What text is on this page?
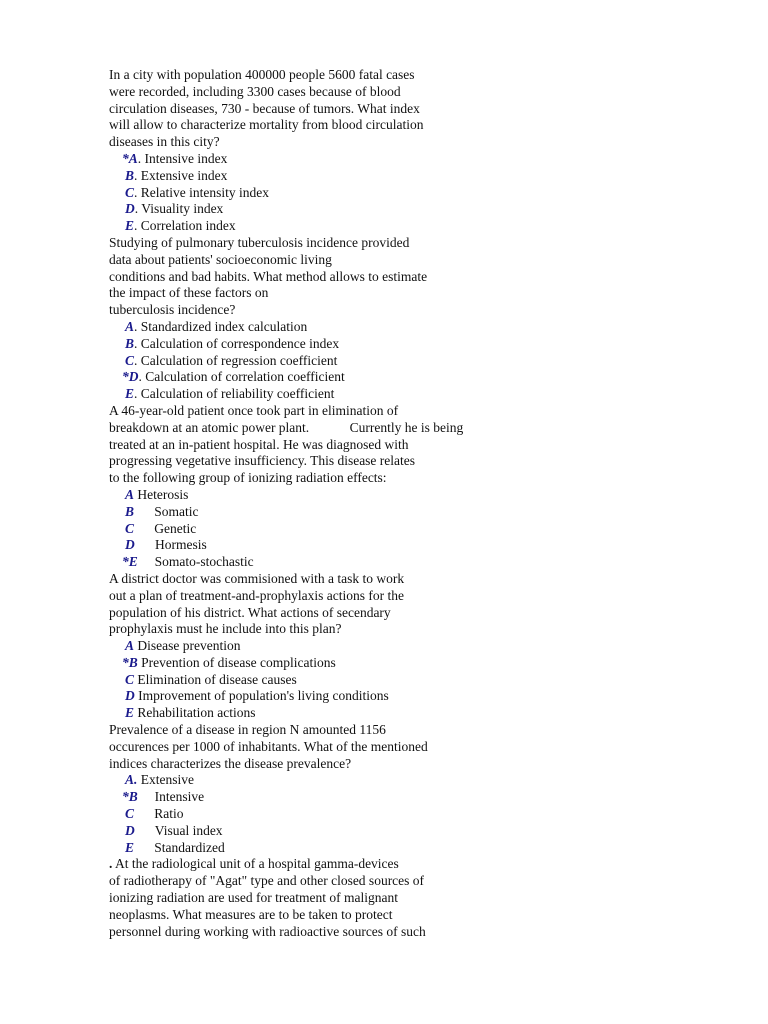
In a city with population 400000 people 5600 fatal cases
were recorded, including 3300 cases because of blood
circulation diseases, 730 - because of tumors. What index
will allow to characterize mortality from blood circulation
diseases in this city?
*A. Intensive index
B. Extensive index
C. Relative intensity index
D. Visuality index
E. Correlation index
Studying of pulmonary tuberculosis incidence provided
data about patients' socioeconomic living
conditions and bad habits. What method allows to estimate
the impact of these factors on
tuberculosis incidence?
A. Standardized index calculation
B. Calculation of correspondence index
C. Calculation of regression coefficient
*D. Calculation of correlation coefficient
E. Calculation of reliability coefficient
A 46-year-old patient once took part in elimination of
breakdown at an atomic power plant.            Currently he is being
treated at an in-patient hospital. He was diagnosed with
progressing vegetative insufficiency. This disease relates
to the following group of ionizing radiation effects:
A Heterosis
B      Somatic
C      Genetic
D      Hormesis
*E     Somato-stochastic
A district doctor was commisioned with a task to work
out a plan of treatment-and-prophylaxis actions for the
population of his district. What actions of secendary
prophylaxis must he include into this plan?
A Disease prevention
*B Prevention of disease complications
C Elimination of disease causes
D Improvement of population's living conditions
E Rehabilitation actions
Prevalence of a disease in region N amounted 1156
occurences per 1000 of inhabitants. What of the mentioned
indices characterizes the disease prevalence?
A. Extensive
*B     Intensive
C      Ratio
D      Visual index
E      Standardized
. At the radiological unit of a hospital gamma-devices
of radiotherapy of "Agat" type and other closed sources of
ionizing radiation are used for treatment of malignant
neoplasms. What measures are to be taken to protect
personnel during working with radioactive sources of such
